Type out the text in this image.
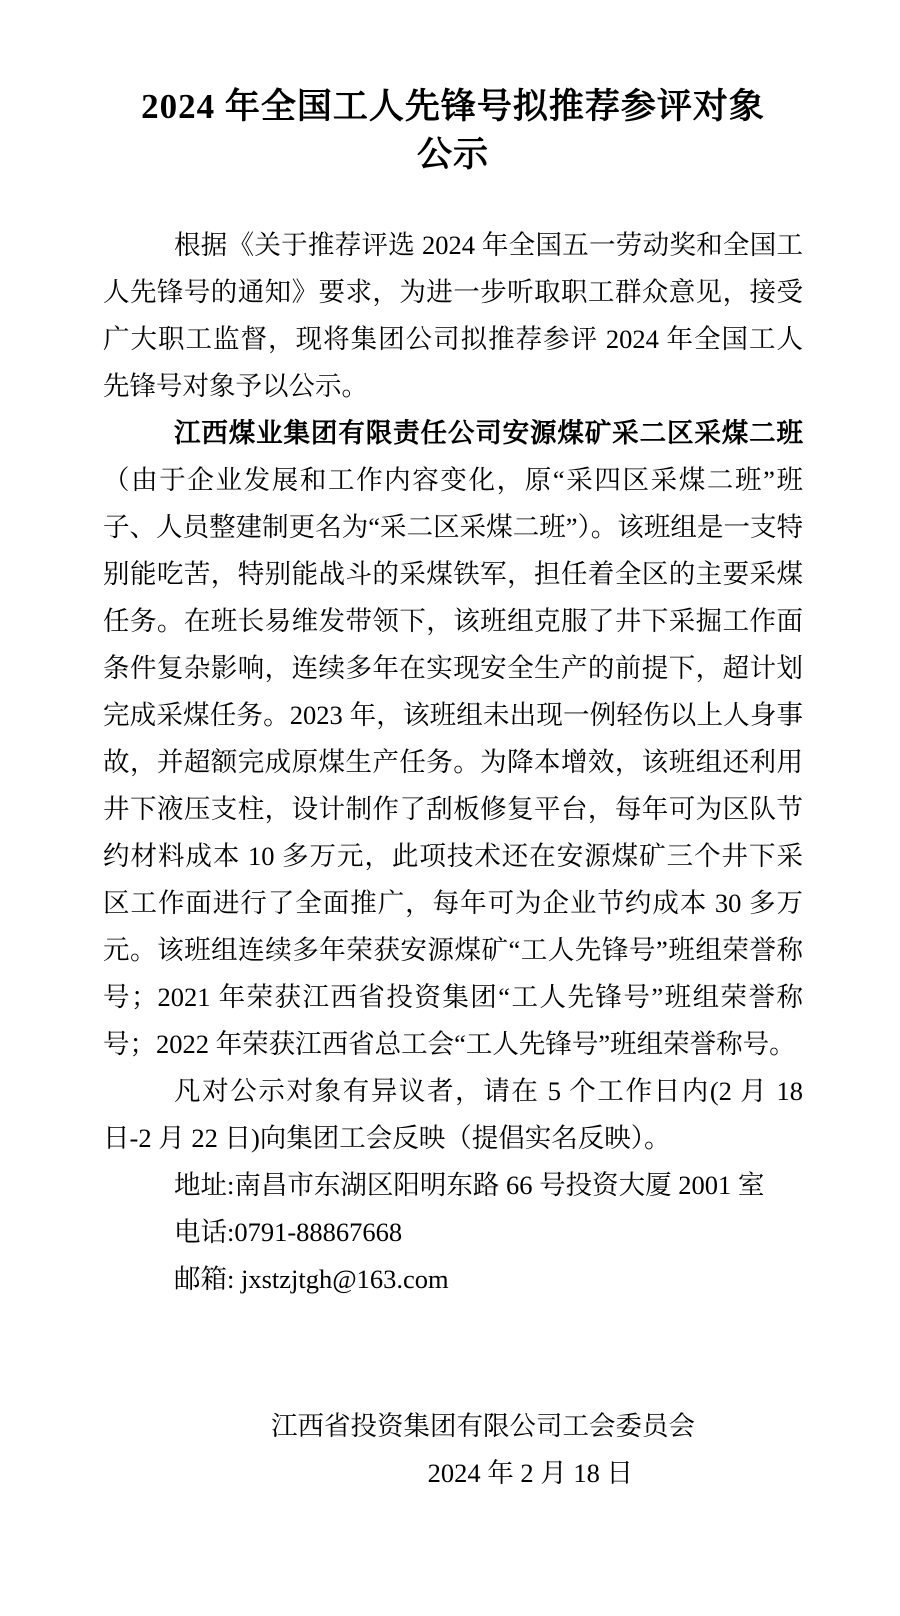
2024 年全国工人先锋号拟推荐参评对象
公示

根据《关于推荐评选 2024 年全国五一劳动奖和全国工人先锋号的通知》要求，为进一步听取职工群众意见，接受广大职工监督，现将集团公司拟推荐参评 2024 年全国工人先锋号对象予以公示。

江西煤业集团有限责任公司安源煤矿采二区采煤二班（由于企业发展和工作内容变化，原“采四区采煤二班”班子、人员整建制更名为“采二区采煤二班”）。该班组是一支特别能吃苦，特别能战斗的采煤铁军，担任着全区的主要采煤任务。在班长易维发带领下，该班组克服了井下采掘工作面条件复杂影响，连续多年在实现安全生产的前提下，超计划完成采煤任务。2023 年，该班组未出现一例轻伤以上人身事故，并超额完成原煤生产任务。为降本增效，该班组还利用井下液压支柱，设计制作了刮板修复平台，每年可为区队节约材料成本 10 多万元，此项技术还在安源煤矿三个井下采区工作面进行了全面推广，每年可为企业节约成本 30 多万元。该班组连续多年荣获安源煤矿“工人先锋号”班组荣誉称号；2021 年荣获江西省投资集团“工人先锋号”班组荣誉称号；2022 年荣获江西省总工会“工人先锋号”班组荣誉称号。

凡对公示对象有异议者，请在 5 个工作日内(2 月 18 日-2 月 22 日)向集团工会反映（提倡实名反映）。

地址:南昌市东湖区阳明东路 66 号投资大厦 2001 室

电话:0791-88867668

邮箱: jxstzjtgh@163.com

江西省投资集团有限公司工会委员会
2024 年 2 月 18 日
